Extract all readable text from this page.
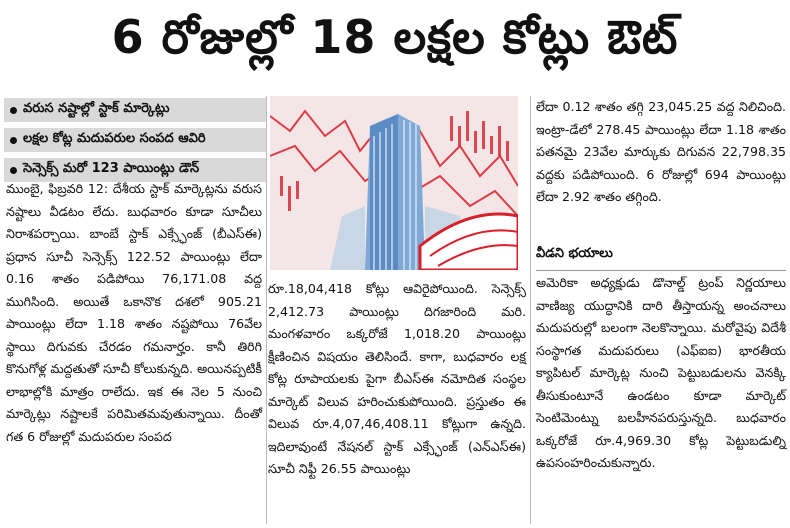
6 రోజుల్లో 18 లక్షల కోట్లు ఔట్
వరుస నష్టాల్లో స్టాక్ మార్కెట్లు
లక్షల కోట్ల మదుపరుల సంపద ఆవిరి
సెన్సెక్స్ మరో 123 పాయింట్లు డౌన్

ముంబై, ఫిబ్రవరి 12: దేశీయ స్టాక్ మార్కెట్లను వరుస నష్టాలు వీడటం లేదు. బుధవారం కూడా సూచీలు నిరాశపర్చాయి. బాంబే స్టాక్ ఎక్స్ఛేంజ్ (బీఎస్ఈ) ప్రధాన సూచీ సెన్సెక్స్ 122.52 పాయింట్లు లేదా 0.16 శాతం పడిపోయి 76,171.08 వద్ద ముగిసింది. అయితే ఒకానొక దశలో 905.21 పాయింట్లు లేదా 1.18 శాతం నష్టపోయి 76వేల స్థాయి దిగువకు చేరడం గమనార్హం. కానీ తిరిగి కొనుగోళ్ల మద్దతుతో సూచీ కోలుకున్నది. అయినప్పటికీ లాభాల్లోకి మాత్రం రాలేదు. ఇక ఈ నెల 5 నుంచి మార్కెట్లు నష్టాలకే పరిమితమవుతున్నాయి. దీంతో గత 6 రోజుల్లో మదుపరుల సంపద

రూ.18,04,418 కోట్లు ఆవిరైపోయింది. సెన్సెక్స్ 2,412.73 పాయింట్లు దిగజారింది మరి. మంగళవారం ఒక్కరోజే 1,018.20 పాయింట్లు క్షీణించిన విషయం తెలిసిందే. కాగా, బుధవారం లక్ష కోట్ల రూపాయలకు పైగా బీఎస్ఈ నమోదిత సంస్థల మార్కెట్ విలువ హరించుకుపోయింది. ప్రస్తుతం ఈ విలువ రూ.4,07,46,408.11 కోట్లుగా ఉన్నది. ఇదిలావుంటే నేషనల్ స్టాక్ ఎక్స్ఛేంజ్ (ఎన్ఎస్ఈ) సూచీ నిఫ్టీ 26.55 పాయింట్లు

లేదా 0.12 శాతం తగ్గి 23,045.25 వద్ద నిలిచింది. ఇంట్రా-డేలో 278.45 పాయింట్లు లేదా 1.18 శాతం పతనమై 23వేల మార్కుకు దిగువన 22,798.35 వద్దకు పడిపోయింది. 6 రోజుల్లో 694 పాయింట్లు లేదా 2.92 శాతం తగ్గింది.

వీడని భయాలు

అమెరికా అధ్యక్షుడు డొనాల్డ్ ట్రంప్ నిర్ణయాలు వాణిజ్య యుద్ధానికి దారి తీస్తాయన్న అంచనాలు మదుపరుల్లో బలంగా నెలకొన్నాయి. మరోవైపు విదేశీ సంస్థాగత మదుపరులు (ఎఫ్ఐఐ) భారతీయ క్యాపిటల్ మార్కెట్ల నుంచి పెట్టుబడులను వెనక్కి తీసుకుంటూనే ఉండటం కూడా మార్కెట్ సెంటిమెంట్ను బలహీనపరుస్తున్నది. బుధవారం ఒక్కరోజే రూ.4,969.30 కోట్ల పెట్టుబడుల్ని ఉపసంహరించుకున్నారు.
